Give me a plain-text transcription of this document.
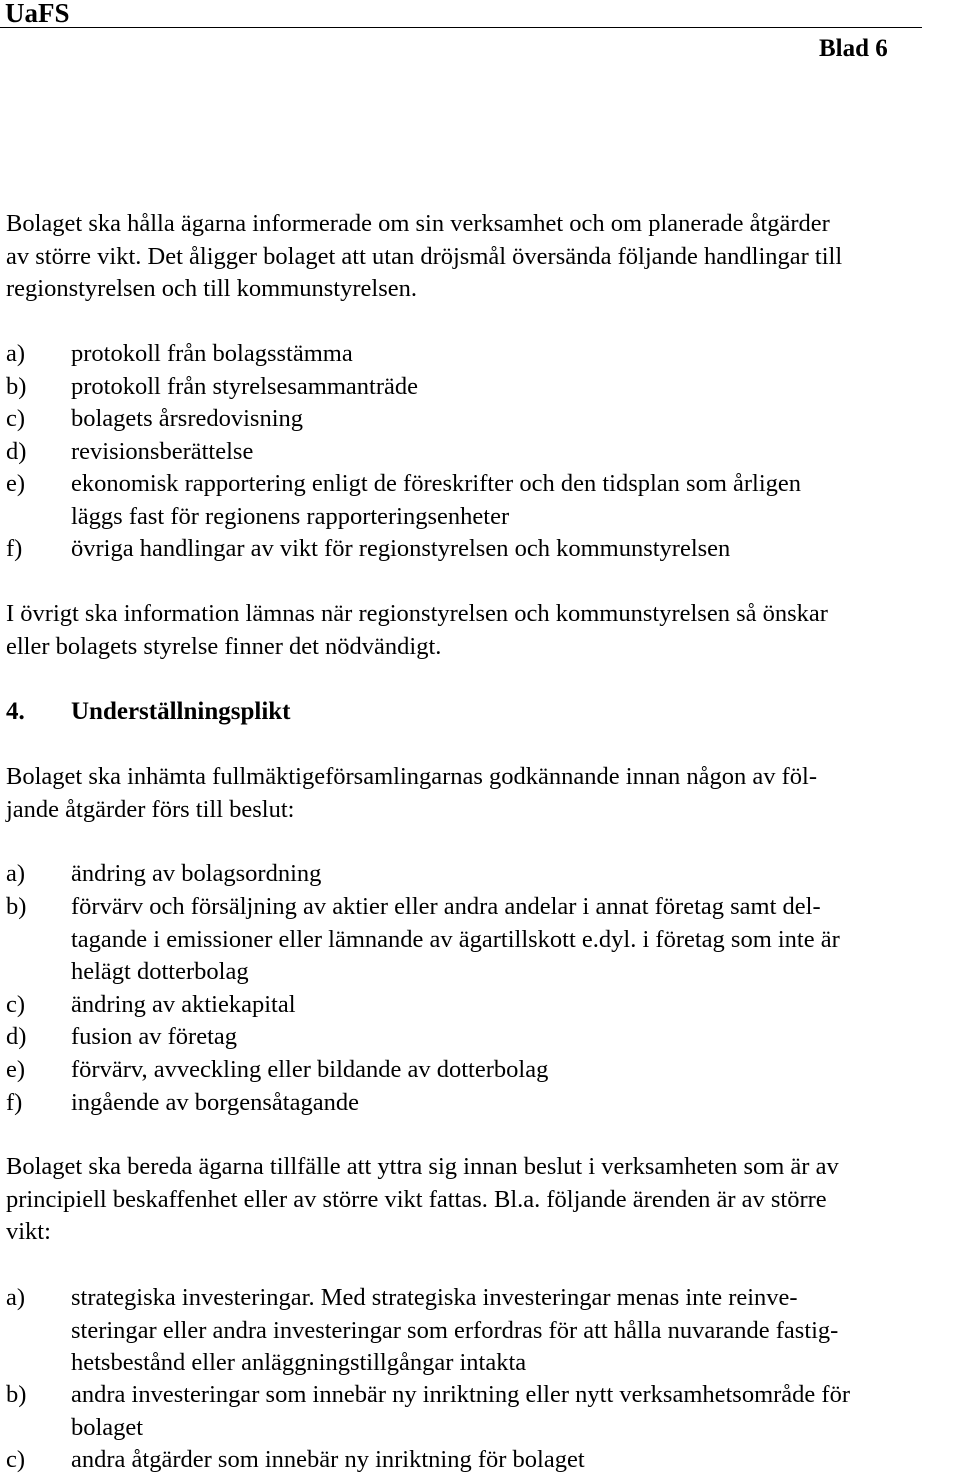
UaFS
Blad 6
Bolaget ska hålla ägarna informerade om sin verksamhet och om planerade åtgärder
av större vikt. Det åligger bolaget att utan dröjsmål översända följande handlingar till
regionstyrelsen och till kommunstyrelsen.
a)	protokoll från bolagsstämma
b)	protokoll från styrelsesammanträde
c)	bolagets årsredovisning
d)	revisionsberättelse
e)	ekonomisk rapportering enligt de föreskrifter och den tidsplan som årligen
läggs fast för regionens rapporteringsenheter
f)	övriga handlingar av vikt för regionstyrelsen och kommunstyrelsen
I övrigt ska information lämnas när regionstyrelsen och kommunstyrelsen så önskar
eller bolagets styrelse finner det nödvändigt.
4. Underställningsplikt
Bolaget ska inhämta fullmäktigeförsamlingarnas godkännande innan någon av föl-
jande åtgärder förs till beslut:
a)	ändring av bolagsordning
b)	förvärv och försäljning av aktier eller andra andelar i annat företag samt del-
tagande i emissioner eller lämnande av ägartillskott e.dyl. i företag som inte är
helägt dotterbolag
c)	ändring av aktiekapital
d)	fusion av företag
e)	förvärv, avveckling eller bildande av dotterbolag
f)	ingående av borgensåtagande
Bolaget ska bereda ägarna tillfälle att yttra sig innan beslut i verksamheten som är av
principiell beskaffenhet eller av större vikt fattas. Bl.a. följande ärenden är av större
vikt:
a)	strategiska investeringar. Med strategiska investeringar menas inte reinve-
steringar eller andra investeringar som erfordras för att hålla nuvarande fastig-
hetsbestånd eller anläggningstillgångar intakta
b)	andra investeringar som innebär ny inriktning eller nytt verksamhetsområde för
bolaget
c)	andra åtgärder som innebär ny inriktning för bolaget
